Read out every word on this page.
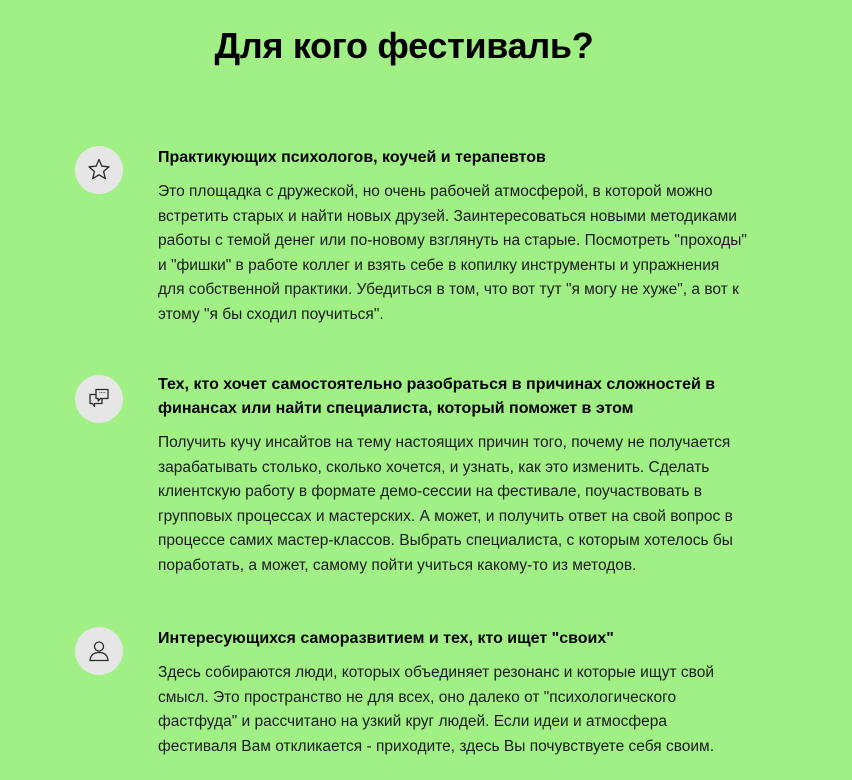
Для кого фестиваль?
Практикующих психологов, коучей и терапевтов

Это площадка с дружеской, но очень рабочей атмосферой, в которой можно встретить старых и найти новых друзей. Заинтересоваться новыми методиками работы с темой денег или по-новому взглянуть на старые. Посмотреть "проходы" и "фишки" в работе коллег и взять себе в копилку инструменты и упражнения для собственной практики. Убедиться в том, что вот тут "я могу не хуже", а вот к этому "я бы сходил поучиться".

Тех, кто хочет самостоятельно разобраться в причинах сложностей в финансах или найти специалиста, который поможет в этом

Получить кучу инсайтов на тему настоящих причин того, почему не получается зарабатывать столько, сколько хочется, и узнать, как это изменить. Сделать клиентскую работу в формате демо-сессии на фестивале, поучаствовать в групповых процессах и мастерских. А может, и получить ответ на свой вопрос в процессе самих мастер-классов. Выбрать специалиста, с которым хотелось бы поработать, а может, самому пойти учиться какому-то из методов.

Интересующихся саморазвитием и тех, кто ищет "своих"

Здесь собираются люди, которых объединяет резонанс и которые ищут свой смысл. Это пространство не для всех, оно далеко от "психологического фастфуда" и рассчитано на узкий круг людей. Если идеи и атмосфера фестиваля Вам откликается - приходите, здесь Вы почувствуете себя своим.
